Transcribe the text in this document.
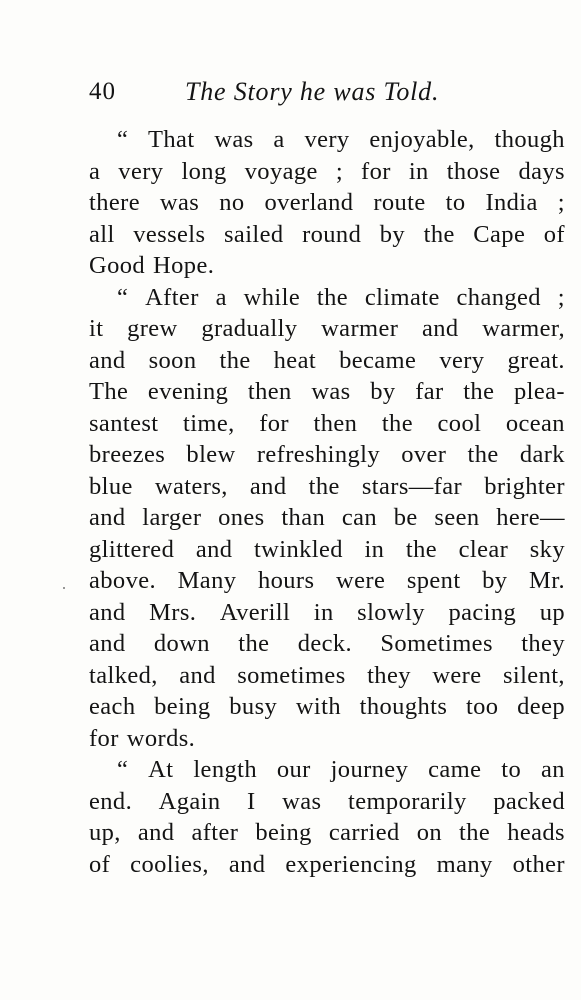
40	The Story he was Told.
“ That was a very enjoyable, though
a very long voyage ; for in those days
there was no overland route to India ;
all vessels sailed round by the Cape of
Good Hope.
“ After a while the climate changed ;
it grew gradually warmer and warmer,
and soon the heat became very great.
The evening then was by far the plea-
santest time, for then the cool ocean
breezes blew refreshingly over the dark
blue waters, and the stars—far brighter
and larger ones than can be seen here—
glittered and twinkled in the clear sky
above. Many hours were spent by Mr.
and Mrs. Averill in slowly pacing up
and down the deck. Sometimes they
talked, and sometimes they were silent,
each being busy with thoughts too deep
for words.
“ At length our journey came to an
end. Again I was temporarily packed
up, and after being carried on the heads
of coolies, and experiencing many other
